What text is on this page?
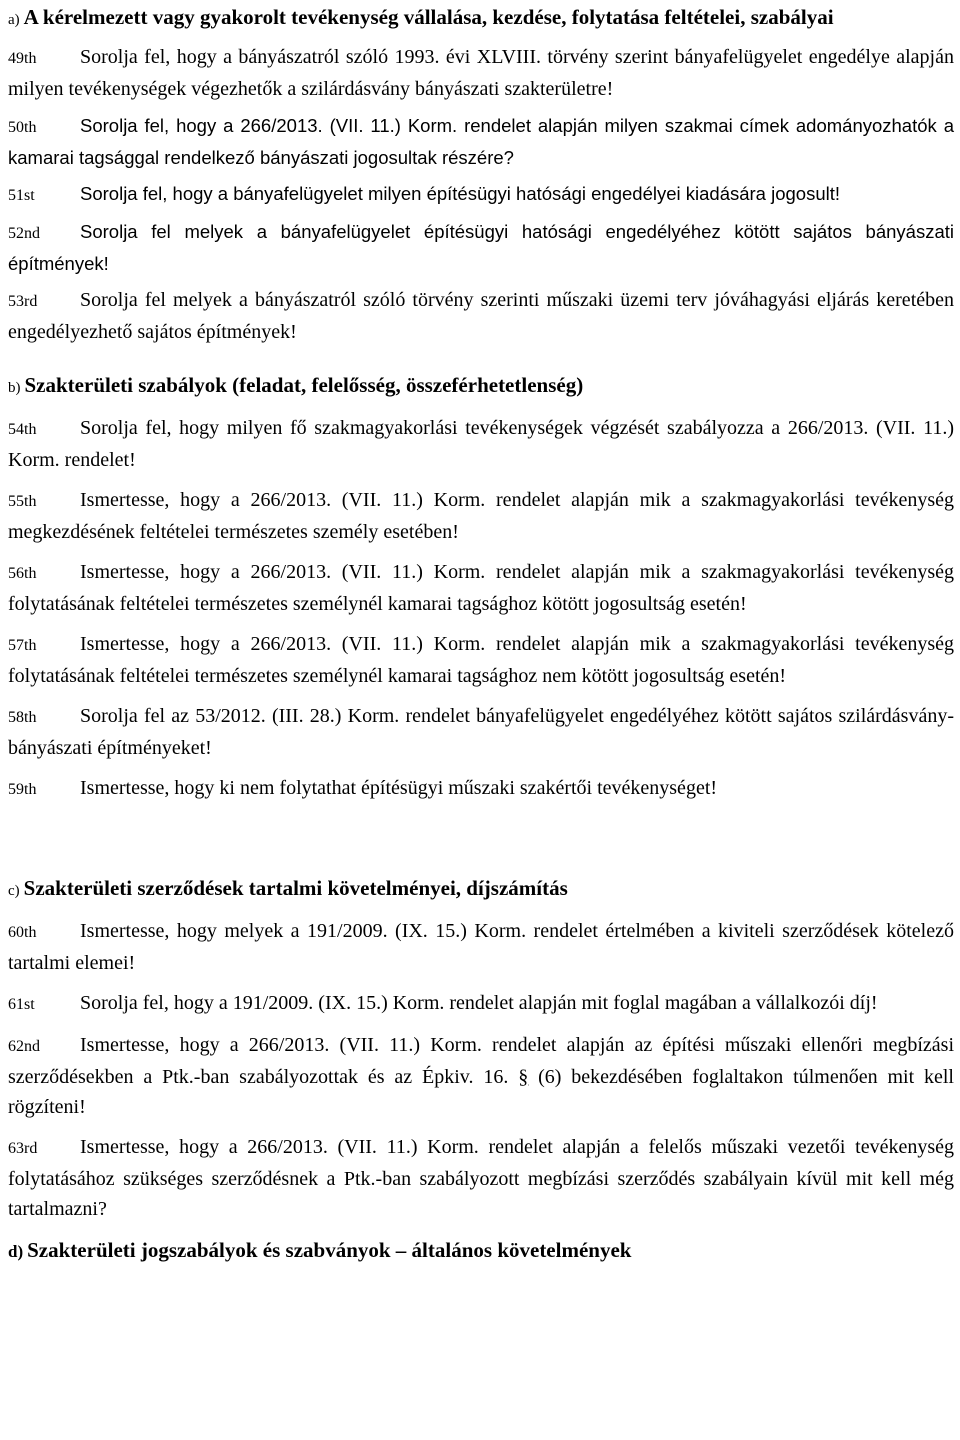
a) A kérelmezett vagy gyakorolt tevékenység vállalása, kezdése, folytatása feltételei, szabályai

49th Sorolja fel, hogy a bányászatról szóló 1993. évi XLVIII. törvény szerint bányafelügyelet engedélye alapján milyen tevékenységek végezhetők a szilárdásvány bányászati szakterületre!

50th Sorolja fel, hogy a 266/2013. (VII. 11.) Korm. rendelet alapján milyen szakmai címek adományozhatók a kamarai tagsággal rendelkező bányászati jogosultak részére?

51st Sorolja fel, hogy a bányafelügyelet milyen építésügyi hatósági engedélyei kiadására jogosult!

52nd Sorolja fel melyek a bányafelügyelet építésügyi hatósági engedélyéhez kötött sajátos bányászati építmények!

53rd Sorolja fel melyek a bányászatról szóló törvény szerinti műszaki üzemi terv jóváhagyási eljárás keretében engedélyezhető sajátos építmények!

b) Szakterületi szabályok (feladat, felelősség, összeférhetetlenség)

54th Sorolja fel, hogy milyen fő szakmagyakorlási tevékenységek végzését szabályozza a 266/2013. (VII. 11.) Korm. rendelet!

55th Ismertesse, hogy a 266/2013. (VII. 11.) Korm. rendelet alapján mik a szakmagyakorlási tevékenység megkezdésének feltételei természetes személy esetében!

56th Ismertesse, hogy a 266/2013. (VII. 11.) Korm. rendelet alapján mik a szakmagyakorlási tevékenység folytatásának feltételei természetes személynél kamarai tagsághoz kötött jogosultság esetén!

57th Ismertesse, hogy a 266/2013. (VII. 11.) Korm. rendelet alapján mik a szakmagyakorlási tevékenység folytatásának feltételei természetes személynél kamarai tagsághoz nem kötött jogosultság esetén!

58th Sorolja fel az 53/2012. (III. 28.) Korm. rendelet bányafelügyelet engedélyéhez kötött sajátos szilárdásvány-bányászati építményeket!

59th Ismertesse, hogy ki nem folytathat építésügyi műszaki szakértői tevékenységet!

c) Szakterületi szerződések tartalmi követelményei, díjszámítás

60th Ismertesse, hogy melyek a 191/2009. (IX. 15.) Korm. rendelet értelmében a kiviteli szerződések kötelező tartalmi elemei!

61st Sorolja fel, hogy a 191/2009. (IX. 15.) Korm. rendelet alapján mit foglal magában a vállalkozói díj!

62nd Ismertesse, hogy a 266/2013. (VII. 11.) Korm. rendelet alapján az építési műszaki ellenőri megbízási szerződésekben a Ptk.-ban szabályozottak és az Épkiv. 16. § (6) bekezdésében foglaltakon túlmenően mit kell rögzíteni!

63rd Ismertesse, hogy a 266/2013. (VII. 11.) Korm. rendelet alapján a felelős műszaki vezetői tevékenység folytatásához szükséges szerződésnek a Ptk.-ban szabályozott megbízási szerződés szabályain kívül mit kell még tartalmazni?

d) Szakterületi jogszabályok és szabványok – általános követelmények
